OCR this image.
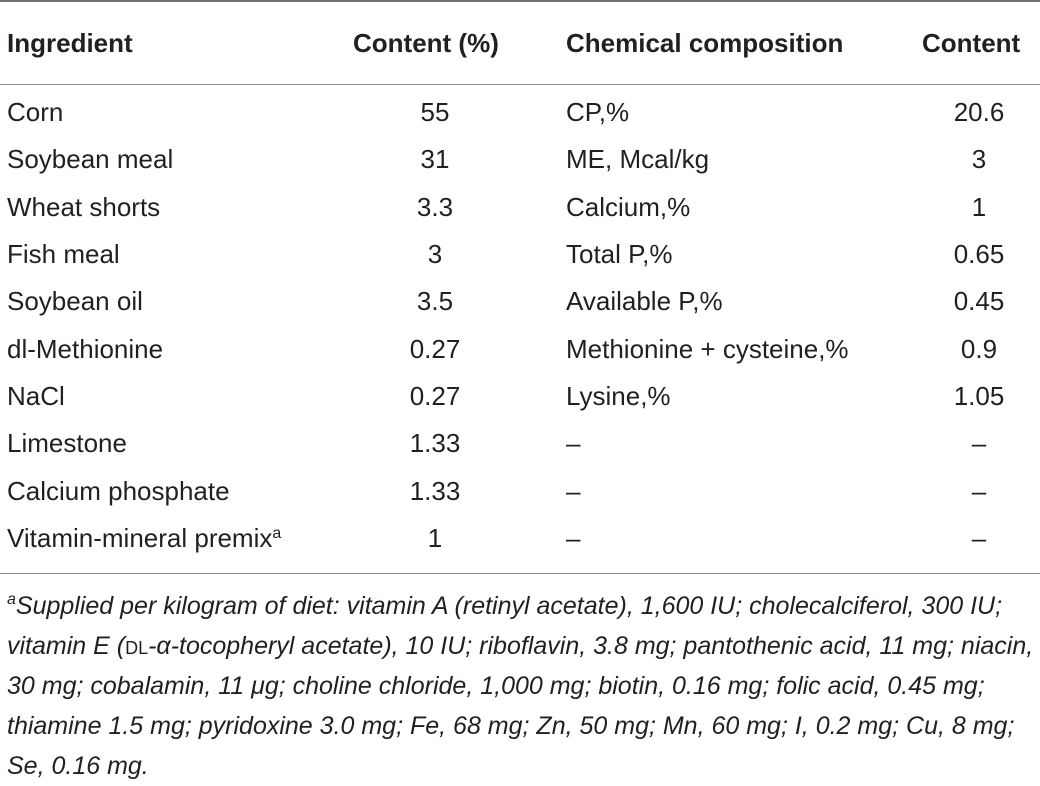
Ingredient	Content (%)	Chemical composition	Content
Corn	55	CP,%	20.6
Soybean meal	31	ME, Mcal/kg	3
Wheat shorts	3.3	Calcium,%	1
Fish meal	3	Total P,%	0.65
Soybean oil	3.5	Available P,%	0.45
dl-Methionine	0.27	Methionine + cysteine,%	0.9
NaCl	0.27	Lysine,%	1.05
Limestone	1.33	–	–
Calcium phosphate	1.33	–	–
Vitamin-mineral premix$^a$	1	–	–
$^a$Supplied per kilogram of diet: vitamin A (retinyl acetate), 1,600 IU; cholecalciferol, 300 IU; vitamin E (dl-α-tocopheryl acetate), 10 IU; riboflavin, 3.8 mg; pantothenic acid, 11 mg; niacin, 30 mg; cobalamin, 11 μg; choline chloride, 1,000 mg; biotin, 0.16 mg; folic acid, 0.45 mg; thiamine 1.5 mg; pyridoxine 3.0 mg; Fe, 68 mg; Zn, 50 mg; Mn, 60 mg; I, 0.2 mg; Cu, 8 mg; Se, 0.16 mg.
